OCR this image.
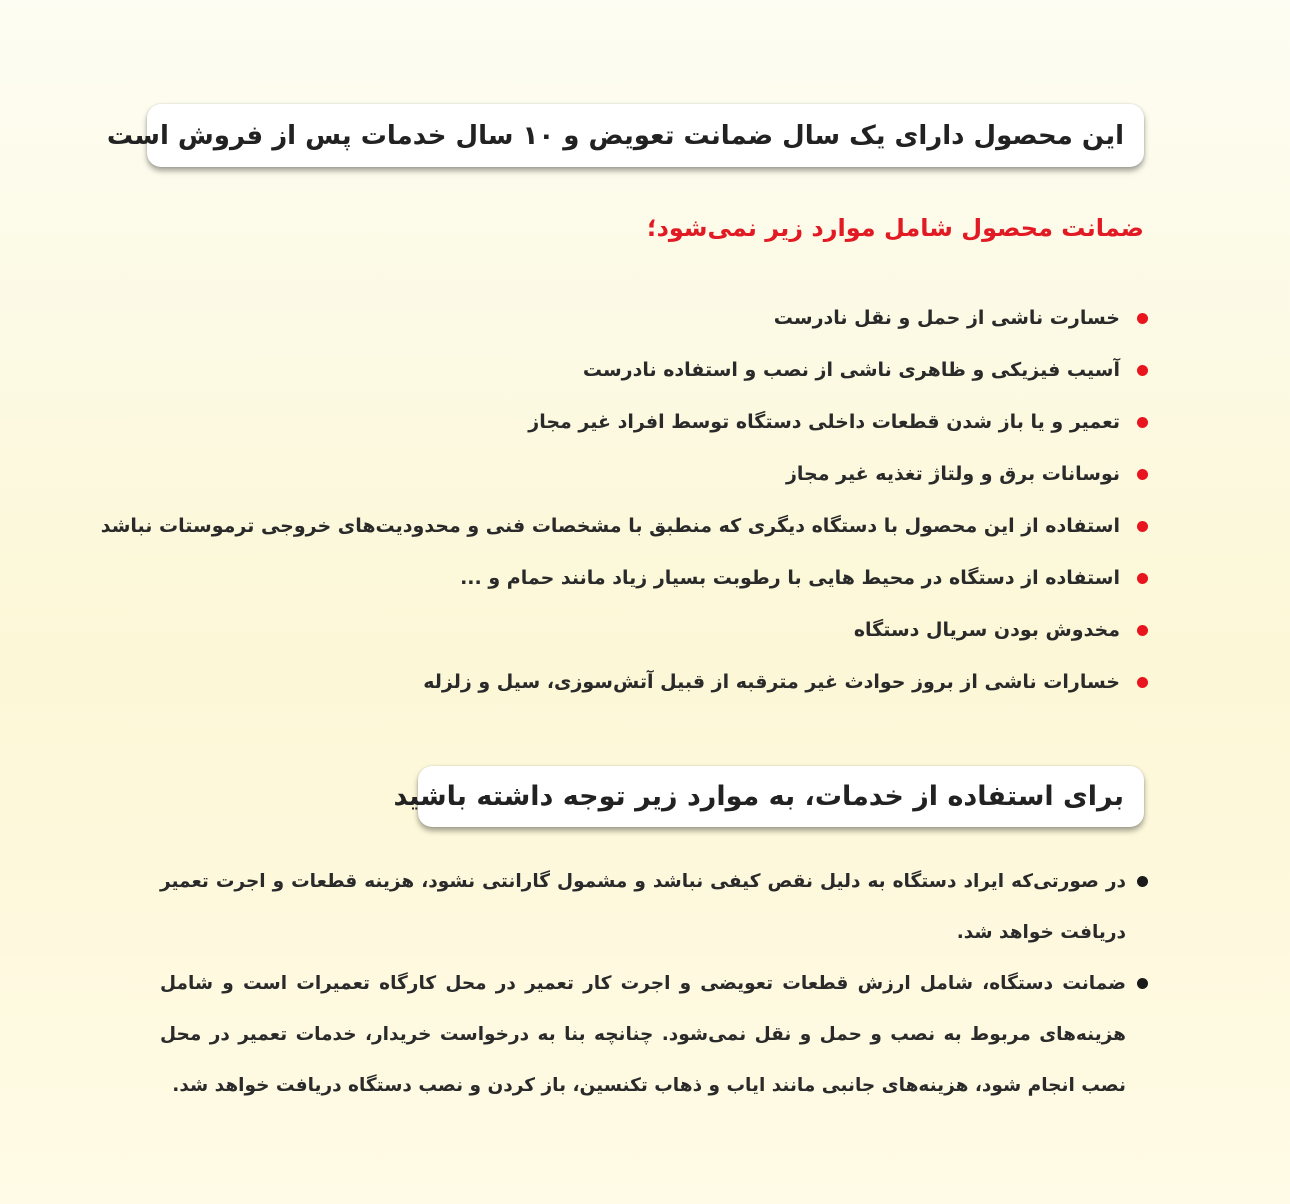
این محصول دارای یک سال ضمانت تعویض و ۱۰ سال خدمات پس از فروش است
ضمانت محصول شامل موارد زیر نمی‌شود؛
خسارت ناشی از حمل و نقل نادرست
آسیب فیزیکی و ظاهری ناشی از نصب و استفاده نادرست
تعمیر و یا باز شدن قطعات داخلی دستگاه توسط افراد غیر مجاز
نوسانات برق و ولتاژ تغذیه غیر مجاز
استفاده از این محصول با دستگاه دیگری که منطبق با مشخصات فنی و محدودیت‌های خروجی ترموستات نباشد
استفاده از دستگاه در محیط هایی با رطوبت بسیار زیاد مانند حمام و ...
مخدوش بودن سریال دستگاه
خسارات ناشی از بروز حوادث غیر مترقبه از قبیل آتش‌سوزی، سیل و زلزله
برای استفاده از خدمات، به موارد زیر توجه داشته باشید
در صورتی‌که ایراد دستگاه به دلیل نقص کیفی نباشد و مشمول گارانتی نشود، هزینه قطعات و اجرت تعمیر دریافت خواهد شد.
ضمانت دستگاه، شامل ارزش قطعات تعویضی و اجرت کار تعمیر در محل کارگاه تعمیرات است و شامل هزینه‌های مربوط به نصب و حمل و نقل نمی‌شود. چنانچه بنا به درخواست خریدار، خدمات تعمیر در محل نصب انجام شود، هزینه‌های جانبی مانند ایاب و ذهاب تکنسین، باز کردن و نصب دستگاه دریافت خواهد شد.
